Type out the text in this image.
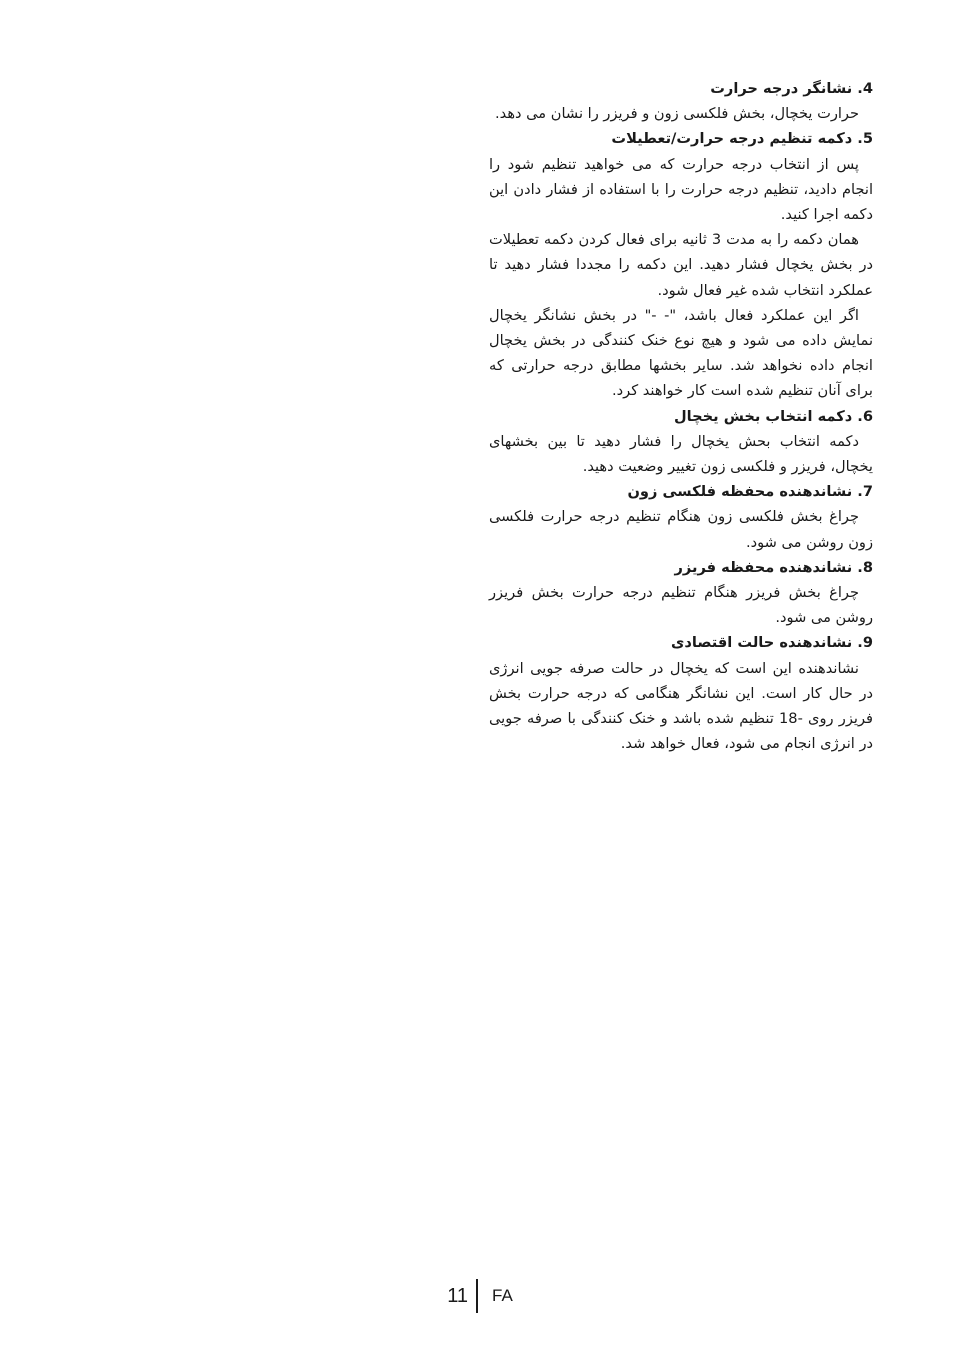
4. نشانگر درجه حرارت

حرارت یخچال، بخش فلکسی زون و فریزر را نشان می دهد.

5. دکمه تنظیم درجه حرارت/تعطیلات

پس از انتخاب درجه حرارت که می خواهید تنظیم شود را انجام دادید، تنظیم درجه حرارت را با استفاده از فشار دادن این دکمه اجرا کنید.

همان دکمه را به مدت 3 ثانیه برای فعال کردن دکمه تعطیلات در بخش یخچال فشار دهید. این دکمه را مجددا فشار دهید تا عملکرد انتخاب شده غیر فعال شود.

اگر این عملکرد فعال باشد، "- -" در بخش نشانگر یخچال نمایش داده می شود و هیچ نوع خنک کنندگی در بخش یخچال انجام داده نخواهد شد. سایر بخشها مطابق درجه حرارتی که برای آنان تنظیم شده است کار خواهند کرد.

6. دکمه انتخاب بخش یخچال

دکمه انتخاب بحش یخچال را فشار دهید تا بین بخشهای یخچال، فریزر و فلکسی زون تغییر وضعیت دهید.

7. نشاندهنده محفظه فلکسی زون

چراغ بخش فلکسی زون هنگام تنظیم درجه حرارت فلکسی زون روشن می شود.

8. نشاندهنده محفظه فریزر

چراغ بخش فریزر هنگام تنظیم درجه حرارت بخش فریزر روشن می شود.

9. نشاندهنده حالت اقتصادی

نشاندهنده این است که یخچال در حالت صرفه جویی انرژی در حال کار است. این نشانگر هنگامی که درجه حرارت بخش فریزر روی -18 تنظیم شده باشد و خنک کنندگی با صرفه جویی در انرژی انجام می شود، فعال خواهد شد.

11 FA
